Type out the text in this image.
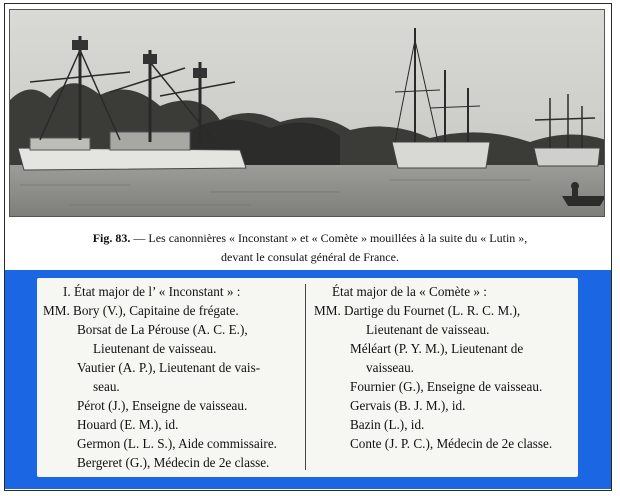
Fig. 83. — Les canonnières « Inconstant » et « Comète » mouillées à la suite du « Lutin »,
devant le consulat général de France.
I. État major de l’ « Inconstant » :
MM. Bory (V.), Capitaine de frégate.
Borsat de La Pérouse (A. C. E.),
Lieutenant de vaisseau.
Vautier (A. P.), Lieutenant de vais-
seau.
Pérot (J.), Enseigne de vaisseau.
Houard (E. M.), id.
Germon (L. L. S.), Aide commissaire.
Bergeret (G.), Médecin de 2e classe.
État major de la « Comète » :
MM. Dartige du Fournet (L. R. C. M.),
Lieutenant de vaisseau.
Méléart (P. Y. M.), Lieutenant de
vaisseau.
Fournier (G.), Enseigne de vaisseau.
Gervais (B. J. M.), id.
Bazin (L.), id.
Conte (J. P. C.), Médecin de 2e classe.
